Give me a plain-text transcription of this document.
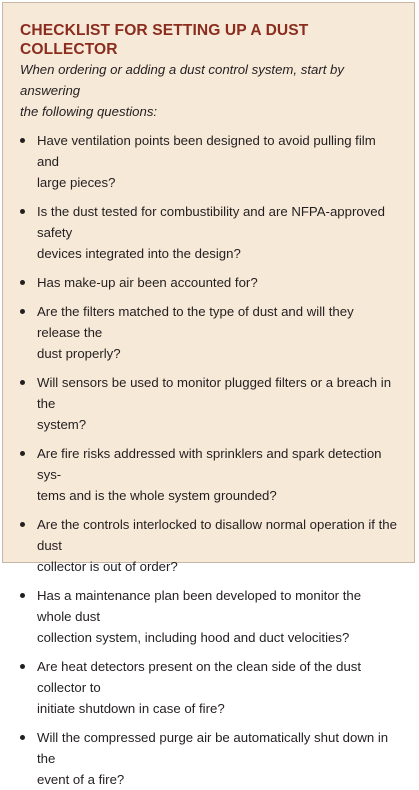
CHECKLIST FOR SETTING UP A DUST COLLECTOR

When ordering or adding a dust control system, start by answering
the following questions:

Have ventilation points been designed to avoid pulling film and
large pieces?
Is the dust tested for combustibility and are NFPA-approved safety
devices integrated into the design?
Has make-up air been accounted for?
Are the filters matched to the type of dust and will they release the
dust properly?
Will sensors be used to monitor plugged filters or a breach in the
system?
Are fire risks addressed with sprinklers and spark detection sys-
tems and is the whole system grounded?
Are the controls interlocked to disallow normal operation if the dust
collector is out of order?
Has a maintenance plan been developed to monitor the whole dust
collection system, including hood and duct velocities?
Are heat detectors present on the clean side of the dust collector to
initiate shutdown in case of fire?
Will the compressed purge air be automatically shut down in the
event of a fire?
